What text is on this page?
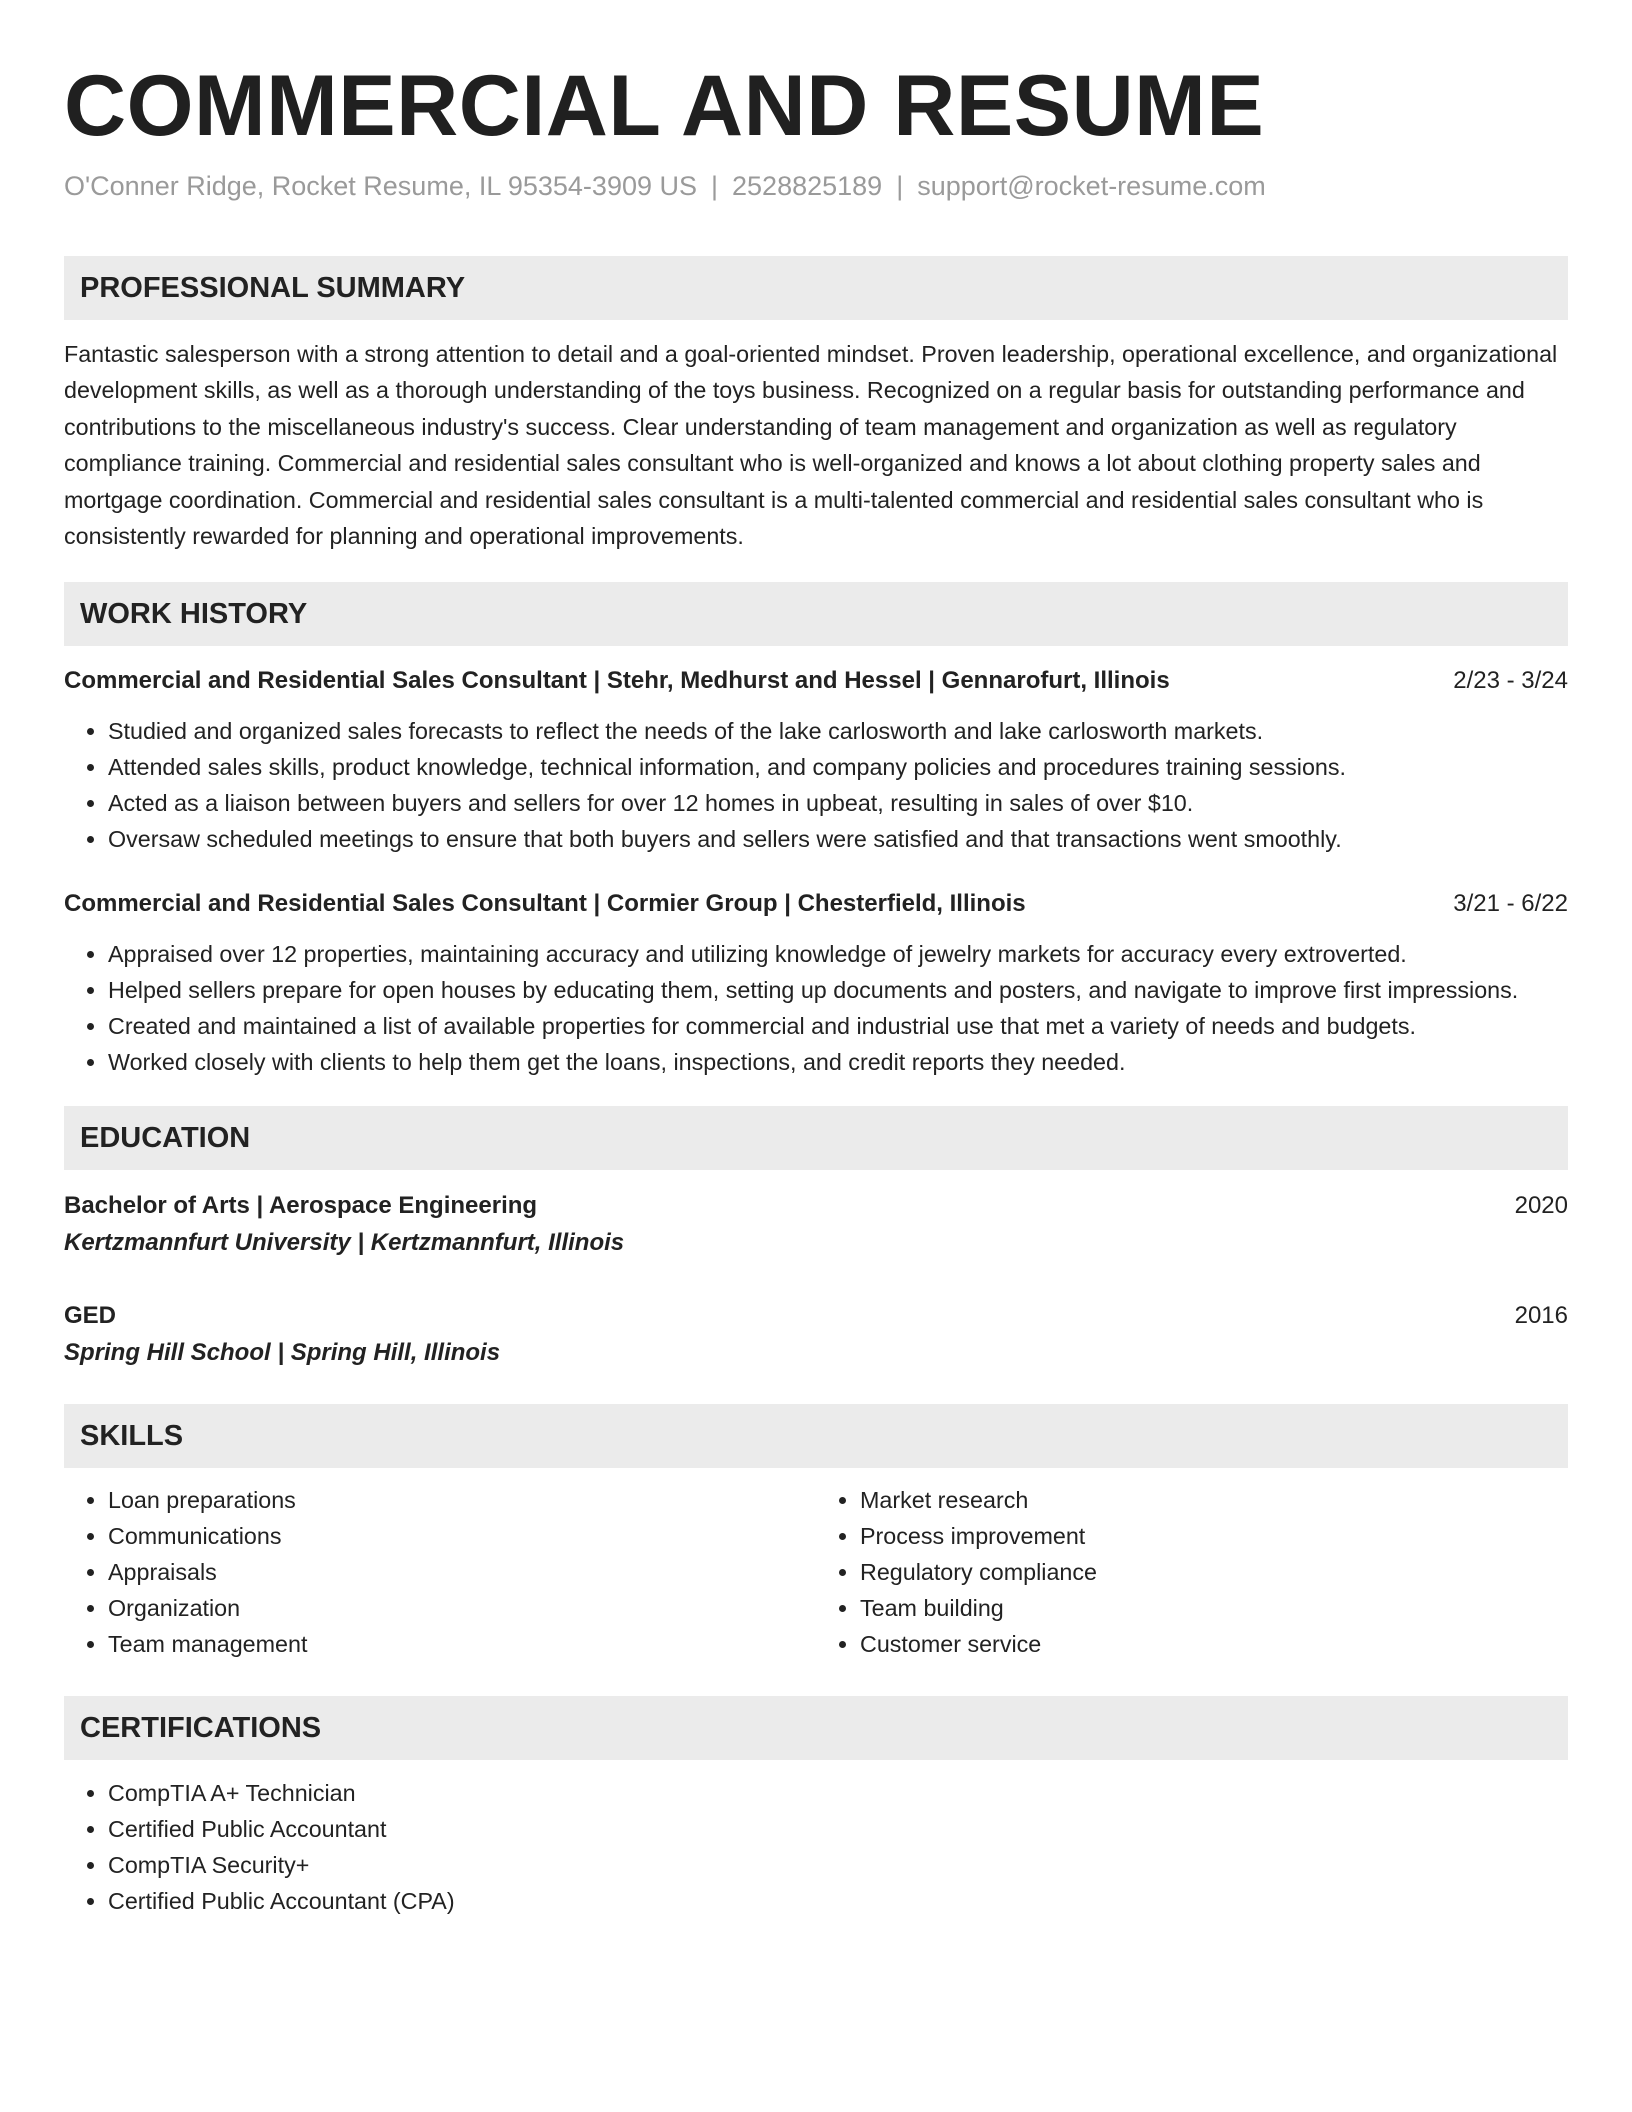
COMMERCIAL AND RESUME
O'Conner Ridge, Rocket Resume, IL 95354-3909 US | 2528825189 | support@rocket-resume.com
PROFESSIONAL SUMMARY

Fantastic salesperson with a strong attention to detail and a goal-oriented mindset. Proven leadership, operational excellence, and organizational development skills, as well as a thorough understanding of the toys business. Recognized on a regular basis for outstanding performance and contributions to the miscellaneous industry's success. Clear understanding of team management and organization as well as regulatory compliance training. Commercial and residential sales consultant who is well-organized and knows a lot about clothing property sales and mortgage coordination. Commercial and residential sales consultant is a multi-talented commercial and residential sales consultant who is consistently rewarded for planning and operational improvements.

WORK HISTORY
Commercial and Residential Sales Consultant | Stehr, Medhurst and Hessel | Gennarofurt, Illinois	2/23 - 3/24
• Studied and organized sales forecasts to reflect the needs of the lake carlosworth and lake carlosworth markets.
• Attended sales skills, product knowledge, technical information, and company policies and procedures training sessions.
• Acted as a liaison between buyers and sellers for over 12 homes in upbeat, resulting in sales of over $10.
• Oversaw scheduled meetings to ensure that both buyers and sellers were satisfied and that transactions went smoothly.
Commercial and Residential Sales Consultant | Cormier Group | Chesterfield, Illinois	3/21 - 6/22
• Appraised over 12 properties, maintaining accuracy and utilizing knowledge of jewelry markets for accuracy every extroverted.
• Helped sellers prepare for open houses by educating them, setting up documents and posters, and navigate to improve first impressions.
• Created and maintained a list of available properties for commercial and industrial use that met a variety of needs and budgets.
• Worked closely with clients to help them get the loans, inspections, and credit reports they needed.
EDUCATION
Bachelor of Arts | Aerospace Engineering	2020
Kertzmannfurt University | Kertzmannfurt, Illinois
GED	2016
Spring Hill School | Spring Hill, Illinois
SKILLS
• Loan preparations
• Communications
• Appraisals
• Organization
• Team management
• Market research
• Process improvement
• Regulatory compliance
• Team building
• Customer service
CERTIFICATIONS
• CompTIA A+ Technician
• Certified Public Accountant
• CompTIA Security+
• Certified Public Accountant (CPA)
